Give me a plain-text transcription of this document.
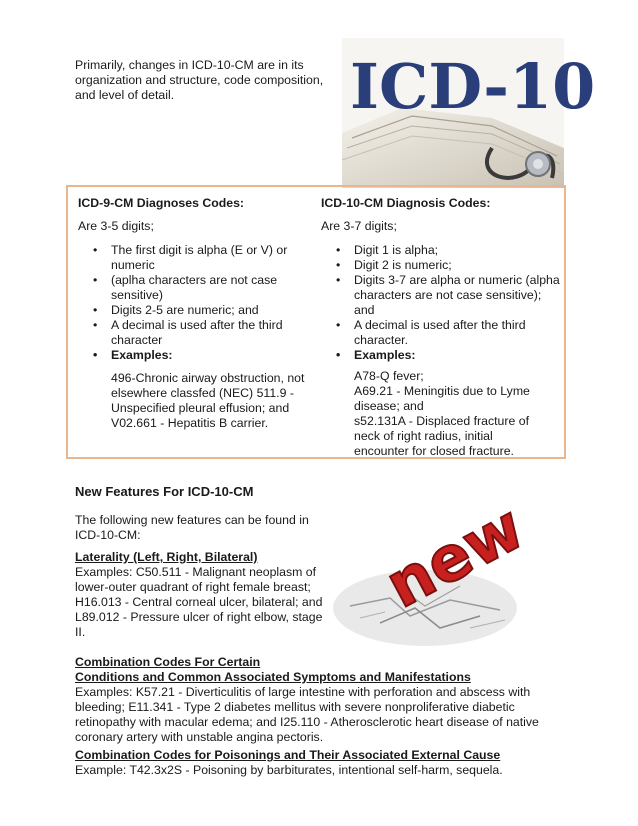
Primarily, changes in ICD-10-CM are in its organization and structure, code composition, and level of detail.	ICD-10

ICD-9-CM Diagnoses Codes:

Are 3-5 digits;

• The first digit is alpha (E or V) or numeric
• (aplha characters are not case sensitive)
• Digits 2-5 are numeric; and
• A decimal is used after the third character
• Examples:
496-Chronic airway obstruction, not
elsewhere classfed (NEC) 511.9 -
Unspecified pleural effusion; and
V02.661 - Hepatitis B carrier.

ICD-10-CM Diagnosis Codes:

Are 3-7 digits;

• Digit 1 is alpha;
• Digit 2 is numeric;
• Digits 3-7 are alpha or numeric (alpha characters are not case sensitive); and
• A decimal is used after the third character.
• Examples:
A78-Q fever;
A69.21 - Meningitis due to Lyme
disease; and
s52.131A - Displaced fracture of
neck of right radius, initial
encounter for closed fracture.

New Features For ICD-10-CM

The following new features can be found in ICD-10-CM:

Laterality (Left, Right, Bilateral)

Examples: C50.511 - Malignant neoplasm of lower-outer quadrant of right female breast; H16.013 - Central corneal ulcer, bilateral; and L89.012 - Pressure ulcer of right elbow, stage II.

new
Combination Codes For Certain
Conditions and Common Associated Symptoms and Manifestations

Examples: K57.21 - Diverticulitis of large intestine with perforation and abscess with bleeding; E11.341 - Type 2 diabetes mellitus with severe nonproliferative diabetic retinopathy with macular edema; and I25.110 - Atherosclerotic heart disease of native coronary artery with unstable angina pectoris.

Combination Codes for Poisonings and Their Associated External Cause

Example: T42.3x2S - Poisoning by barbiturates, intentional self-harm, sequela.
